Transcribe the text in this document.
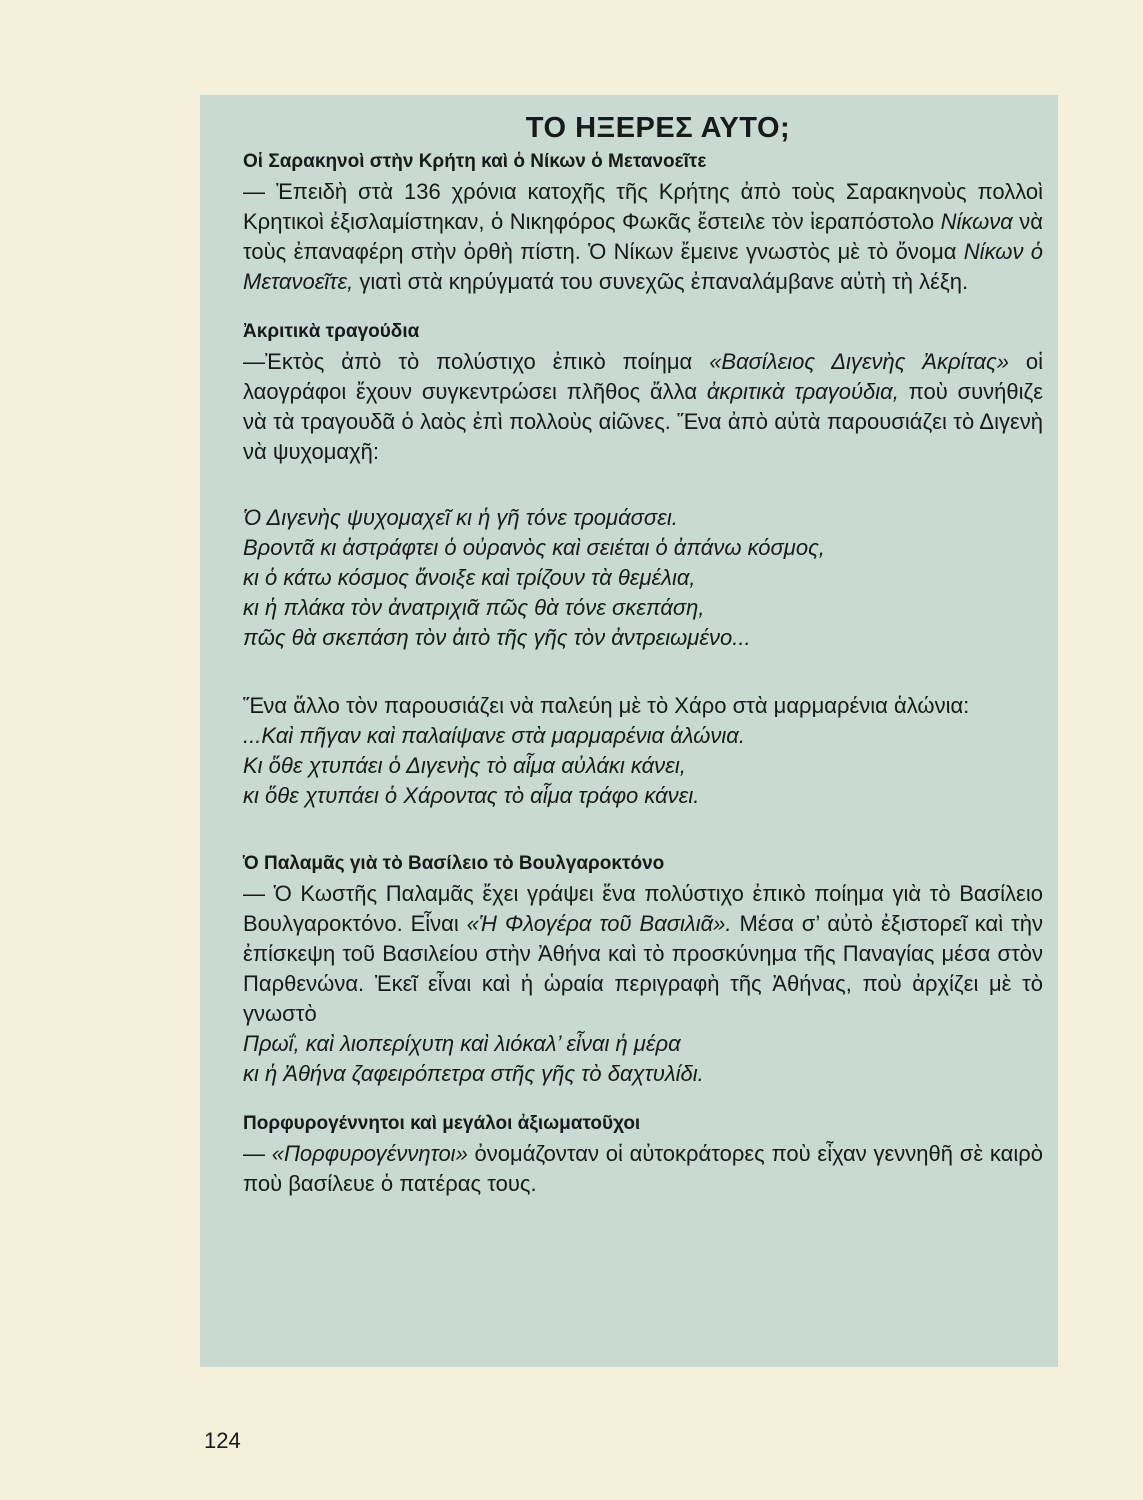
ΤΟ ΗΞΕΡΕΣ ΑΥΤΟ;
Οἱ Σαρακηνοὶ στὴν Κρήτη καὶ ὁ Νίκων ὁ Μετανοεῖτε

— Ἐπειδὴ στὰ 136 χρόνια κατοχῆς τῆς Κρήτης ἀπὸ τοὺς Σαρακηνοὺς πολλοὶ Κρητικοὶ ἐξισλαμίστηκαν, ὁ Νικηφόρος Φωκᾶς ἔστειλε τὸν ἱεραπόστολο Νίκωνα νὰ τοὺς ἐπαναφέρη στὴν ὀρθὴ πίστη. Ὁ Νίκων ἔμεινε γνωστὸς μὲ τὸ ὄνομα Νίκων ὁ Μετανοεῖτε, γιατὶ στὰ κηρύγματά του συνεχῶς ἐπαναλάμβανε αὐτὴ τὴ λέξη.

Ἀκριτικὰ τραγούδια

—Ἐκτὸς ἀπὸ τὸ πολύστιχο ἐπικὸ ποίημα «Βασίλειος Διγενὴς Ἀκρίτας» οἱ λαογράφοι ἔχουν συγκεντρώσει πλῆθος ἄλλα ἀκριτικὰ τραγούδια, ποὺ συνήθιζε νὰ τὰ τραγουδᾶ ὁ λαὸς ἐπὶ πολλοὺς αἰῶνες. Ἕνα ἀπὸ αὐτὰ παρουσιάζει τὸ Διγενὴ νὰ ψυχομαχῆ:

Ὁ Διγενὴς ψυχομαχεῖ κι ἡ γῆ τόνε τρομάσσει.
Βροντᾶ κι ἀστράφτει ὁ οὐρανὸς καὶ σειέται ὁ ἀπάνω κόσμος,
κι ὁ κάτω κόσμος ἄνοιξε καὶ τρίζουν τὰ θεμέλια,
κι ἡ πλάκα τὸν ἀνατριχιᾶ πῶς θὰ τόνε σκεπάση,
πῶς θὰ σκεπάση τὸν ἀιτὸ τῆς γῆς τὸν ἀντρειωμένο...

Ἕνα ἄλλο τὸν παρουσιάζει νὰ παλεύη μὲ τὸ Χάρο στὰ μαρμαρένια ἁλώνια:

...Καὶ πῆγαν καὶ παλαίψανε στὰ μαρμαρένια ἁλώνια.
Κι ὅθε χτυπάει ὁ Διγενὴς τὸ αἷμα αὐλάκι κάνει,
κι ὅθε χτυπάει ὁ Χάροντας τὸ αἷμα τράφο κάνει.
Ὁ Παλαμᾶς γιὰ τὸ Βασίλειο τὸ Βουλγαροκτόνο

— Ὁ Κωστῆς Παλαμᾶς ἔχει γράψει ἕνα πολύστιχο ἐπικὸ ποίημα γιὰ τὸ Βασίλειο Βουλγαροκτόνο. Εἶναι «Ἡ Φλογέρα τοῦ Βασιλιᾶ». Μέσα σ’ αὐτὸ ἐξιστορεῖ καὶ τὴν ἐπίσκεψη τοῦ Βασιλείου στὴν Ἀθήνα καὶ τὸ προσκύνημα τῆς Παναγίας μέσα στὸν Παρθενώνα. Ἐκεῖ εἶναι καὶ ἡ ὡραία περιγραφὴ τῆς Ἀθήνας, ποὺ ἀρχίζει μὲ τὸ γνωστὸ

Πρωΐ, καὶ λιοπερίχυτη καὶ λιόκαλ’ εἶναι ἡ μέρα
κι ἡ Ἀθήνα ζαφειρόπετρα στῆς γῆς τὸ δαχτυλίδι.
Πορφυρογέννητοι καὶ μεγάλοι ἀξιωματοῦχοι

— «Πορφυρογέννητοι» ὀνομάζονταν οἱ αὐτοκράτορες ποὺ εἶχαν γεννηθῆ σὲ καιρὸ ποὺ βασίλευε ὁ πατέρας τους.

124
